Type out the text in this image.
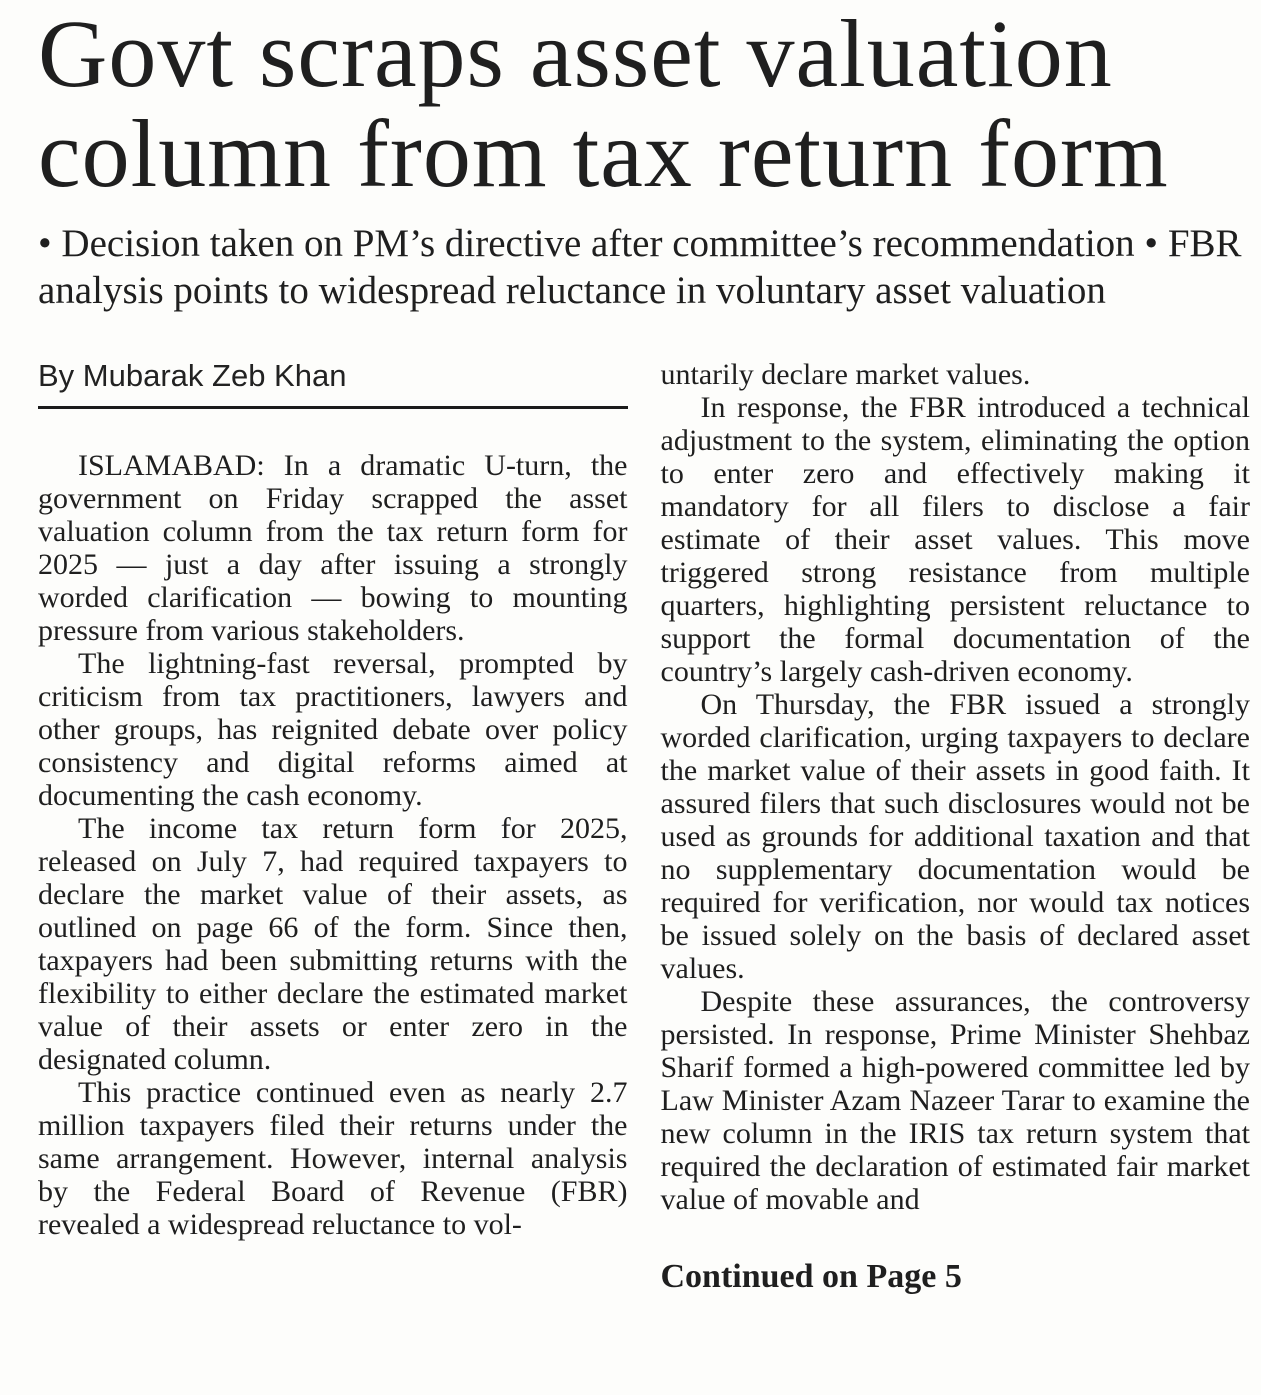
Govt scraps asset valuation column from tax return form
• Decision taken on PM’s directive after committee’s recommendation • FBR analysis points to widespread reluctance in voluntary asset valuation
By Mubarak Zeb Khan

ISLAMABAD: In a dramatic U-turn, the government on Friday scrapped the asset valuation column from the tax return form for 2025 — just a day after issuing a strongly worded clarification — bowing to mounting pressure from various stakeholders.

The lightning-fast reversal, prompted by criticism from tax practitioners, lawyers and other groups, has reignited debate over policy consistency and digital reforms aimed at documenting the cash economy.

The income tax return form for 2025, released on July 7, had required taxpayers to declare the market value of their assets, as outlined on page 66 of the form. Since then, taxpayers had been submitting returns with the flexibility to either declare the estimated market value of their assets or enter zero in the designated column.

This practice continued even as nearly 2.7 million taxpayers filed their returns under the same arrangement. However, internal analysis by the Federal Board of Revenue (FBR) revealed a widespread reluctance to vol-

untarily declare market values.

In response, the FBR introduced a technical adjustment to the system, eliminating the option to enter zero and effectively making it mandatory for all filers to disclose a fair estimate of their asset values. This move triggered strong resistance from multiple quarters, highlighting persistent reluctance to support the formal documentation of the country’s largely cash-driven economy.

On Thursday, the FBR issued a strongly worded clarification, urging taxpayers to declare the market value of their assets in good faith. It assured filers that such disclosures would not be used as grounds for additional taxation and that no supplementary documentation would be required for verification, nor would tax notices be issued solely on the basis of declared asset values.

Despite these assurances, the controversy persisted. In response, Prime Minister Shehbaz Sharif formed a high-powered committee led by Law Minister Azam Nazeer Tarar to examine the new column in the IRIS tax return system that required the declaration of estimated fair market value of movable and

Continued on Page 5
